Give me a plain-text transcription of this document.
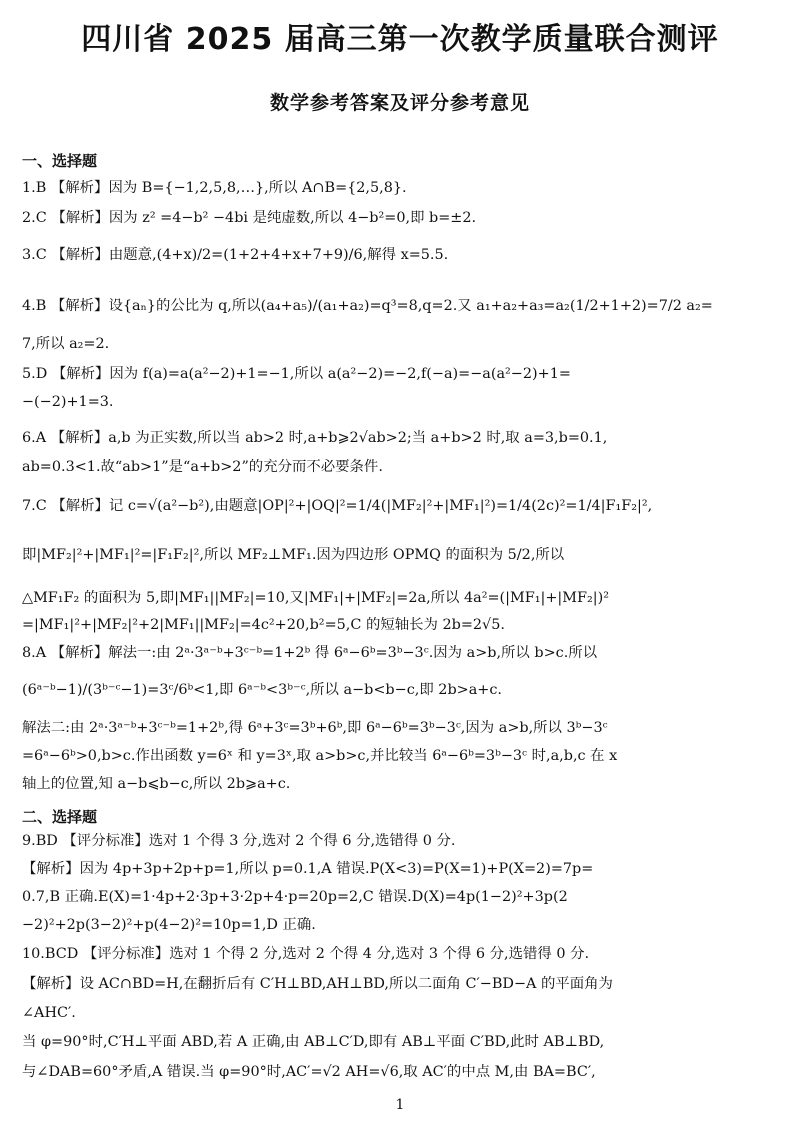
四川省 2025 届高三第一次教学质量联合测评
数学参考答案及评分参考意见
一、选择题
1.B 【解析】因为 B={−1,2,5,8,…},所以 A∩B={2,5,8}.
2.C 【解析】因为 z² =4−b² −4bi 是纯虚数,所以 4−b²=0,即 b=±2.
3.C 【解析】由题意,(4+x)/2=(1+2+4+x+7+9)/6,解得 x=5.5.
4.B 【解析】设{aₙ}的公比为 q,所以(a₄+a₅)/(a₁+a₂)=q³=8,q=2.又 a₁+a₂+a₃=a₂(1/2+1+2)=7/2 a₂=
7,所以 a₂=2.
5.D 【解析】因为 f(a)=a(a²−2)+1=−1,所以 a(a²−2)=−2,f(−a)=−a(a²−2)+1=
−(−2)+1=3.
6.A 【解析】a,b 为正实数,所以当 ab>2 时,a+b⩾2√ab>2;当 a+b>2 时,取 a=3,b=0.1,
ab=0.3<1.故“ab>1”是“a+b>2”的充分而不必要条件.
7.C 【解析】记 c=√(a²−b²),由题意|OP|²+|OQ|²=1/4(|MF₂|²+|MF₁|²)=1/4(2c)²=1/4|F₁F₂|²,
即|MF₂|²+|MF₁|²=|F₁F₂|²,所以 MF₂⊥MF₁.因为四边形 OPMQ 的面积为 5/2,所以
△MF₁F₂ 的面积为 5,即|MF₁||MF₂|=10,又|MF₁|+|MF₂|=2a,所以 4a²=(|MF₁|+|MF₂|)²
=|MF₁|²+|MF₂|²+2|MF₁||MF₂|=4c²+20,b²=5,C 的短轴长为 2b=2√5.
8.A 【解析】解法一:由 2ᵃ·3ᵃ⁻ᵇ+3ᶜ⁻ᵇ=1+2ᵇ 得 6ᵃ−6ᵇ=3ᵇ−3ᶜ.因为 a>b,所以 b>c.所以
(6ᵃ⁻ᵇ−1)/(3ᵇ⁻ᶜ−1)=3ᶜ/6ᵇ<1,即 6ᵃ⁻ᵇ<3ᵇ⁻ᶜ,所以 a−b<b−c,即 2b>a+c.
解法二:由 2ᵃ·3ᵃ⁻ᵇ+3ᶜ⁻ᵇ=1+2ᵇ,得 6ᵃ+3ᶜ=3ᵇ+6ᵇ,即 6ᵃ−6ᵇ=3ᵇ−3ᶜ,因为 a>b,所以 3ᵇ−3ᶜ
=6ᵃ−6ᵇ>0,b>c.作出函数 y=6ˣ 和 y=3ˣ,取 a>b>c,并比较当 6ᵃ−6ᵇ=3ᵇ−3ᶜ 时,a,b,c 在 x
轴上的位置,知 a−b⩽b−c,所以 2b⩾a+c.
二、选择题
9.BD 【评分标准】选对 1 个得 3 分,选对 2 个得 6 分,选错得 0 分.
【解析】因为 4p+3p+2p+p=1,所以 p=0.1,A 错误.P(X<3)=P(X=1)+P(X=2)=7p=
0.7,B 正确.E(X)=1·4p+2·3p+3·2p+4·p=20p=2,C 错误.D(X)=4p(1−2)²+3p(2
−2)²+2p(3−2)²+p(4−2)²=10p=1,D 正确.
10.BCD 【评分标准】选对 1 个得 2 分,选对 2 个得 4 分,选对 3 个得 6 分,选错得 0 分.
【解析】设 AC∩BD=H,在翻折后有 C′H⊥BD,AH⊥BD,所以二面角 C′−BD−A 的平面角为
∠AHC′.
当 φ=90°时,C′H⊥平面 ABD,若 A 正确,由 AB⊥C′D,即有 AB⊥平面 C′BD,此时 AB⊥BD,
与∠DAB=60°矛盾,A 错误.当 φ=90°时,AC′=√2 AH=√6,取 AC′的中点 M,由 BA=BC′,
1
